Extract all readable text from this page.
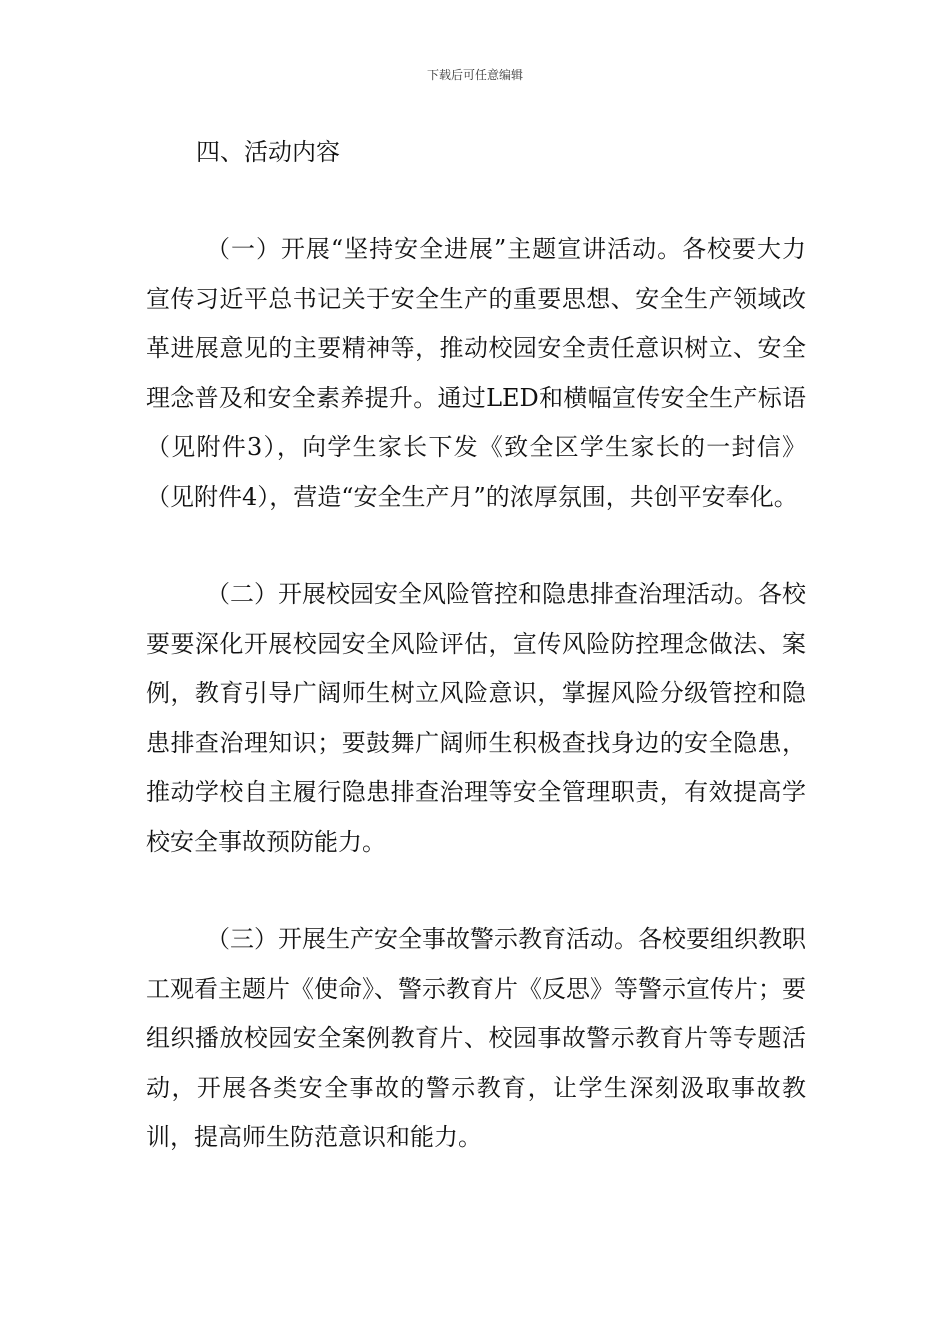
下载后可任意编辑
四、活动内容

（一）开展“坚持安全进展”主题宣讲活动。各校要大力宣传习近平总书记关于安全生产的重要思想、安全生产领域改革进展意见的主要精神等，推动校园安全责任意识树立、安全理念普及和安全素养提升。通过LED和横幅宣传安全生产标语（见附件3），向学生家长下发《致全区学生家长的一封信》（见附件4），营造“安全生产月”的浓厚氛围，共创平安奉化。

（二）开展校园安全风险管控和隐患排查治理活动。各校要要深化开展校园安全风险评估，宣传风险防控理念做法、案例，教育引导广阔师生树立风险意识，掌握风险分级管控和隐患排查治理知识；要鼓舞广阔师生积极查找身边的安全隐患，推动学校自主履行隐患排查治理等安全管理职责，有效提高学校安全事故预防能力。

（三）开展生产安全事故警示教育活动。各校要组织教职工观看主题片《使命》、警示教育片《反思》等警示宣传片；要组织播放校园安全案例教育片、校园事故警示教育片等专题活动，开展各类安全事故的警示教育，让学生深刻汲取事故教训，提高师生防范意识和能力。
